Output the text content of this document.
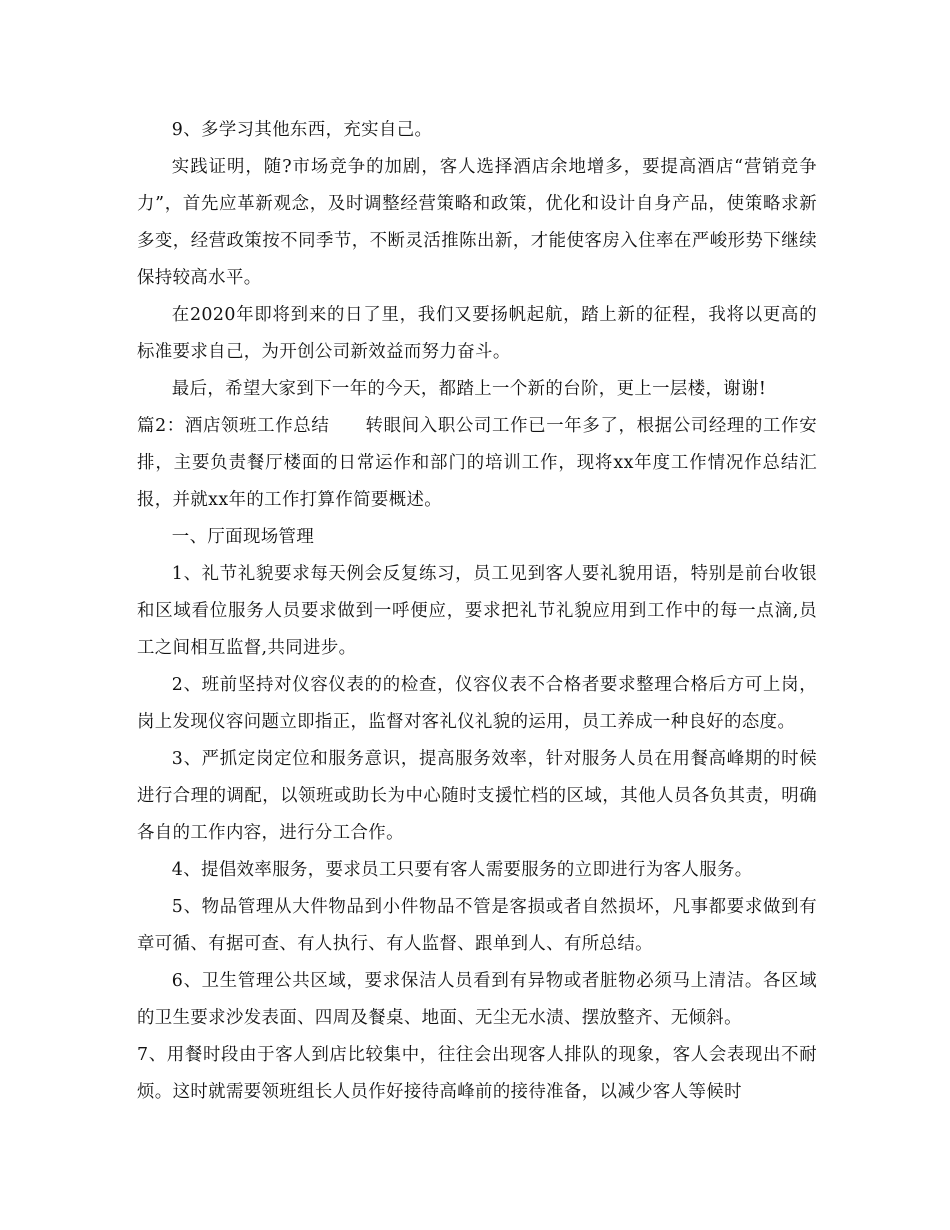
9、多学习其他东西，充实自己。

实践证明，随?市场竞争的加剧，客人选择酒店余地增多，要提高酒店“营销竞争力”，首先应革新观念，及时调整经营策略和政策，优化和设计自身产品，使策略求新多变，经营政策按不同季节，不断灵活推陈出新，才能使客房入住率在严峻形势下继续保持较高水平。

在2020年即将到来的日了里，我们又要扬帆起航，踏上新的征程，我将以更高的标准要求自己，为开创公司新效益而努力奋斗。

最后，希望大家到下一年的今天，都踏上一个新的台阶，更上一层楼，谢谢!

篇2：酒店领班工作总结　　转眼间入职公司工作已一年多了，根据公司经理的工作安排，主要负责餐厅楼面的日常运作和部门的培训工作，现将xx年度工作情况作总结汇报，并就xx年的工作打算作简要概述。

一、厅面现场管理

1、礼节礼貌要求每天例会反复练习，员工见到客人要礼貌用语，特别是前台收银和区域看位服务人员要求做到一呼便应，要求把礼节礼貌应用到工作中的每一点滴,员工之间相互监督,共同进步。

2、班前坚持对仪容仪表的的检查，仪容仪表不合格者要求整理合格后方可上岗，岗上发现仪容问题立即指正，监督对客礼仪礼貌的运用，员工养成一种良好的态度。

3、严抓定岗定位和服务意识，提高服务效率，针对服务人员在用餐高峰期的时候进行合理的调配，以领班或助长为中心随时支援忙档的区域，其他人员各负其责，明确各自的工作内容，进行分工合作。

4、提倡效率服务，要求员工只要有客人需要服务的立即进行为客人服务。

5、物品管理从大件物品到小件物品不管是客损或者自然损坏，凡事都要求做到有章可循、有据可查、有人执行、有人监督、跟单到人、有所总结。

6、卫生管理公共区域，要求保洁人员看到有异物或者脏物必须马上清洁。各区域的卫生要求沙发表面、四周及餐桌、地面、无尘无水渍、摆放整齐、无倾斜。

7、用餐时段由于客人到店比较集中，往往会出现客人排队的现象，客人会表现出不耐烦。这时就需要领班组长人员作好接待高峰前的接待准备，以减少客人等候时
